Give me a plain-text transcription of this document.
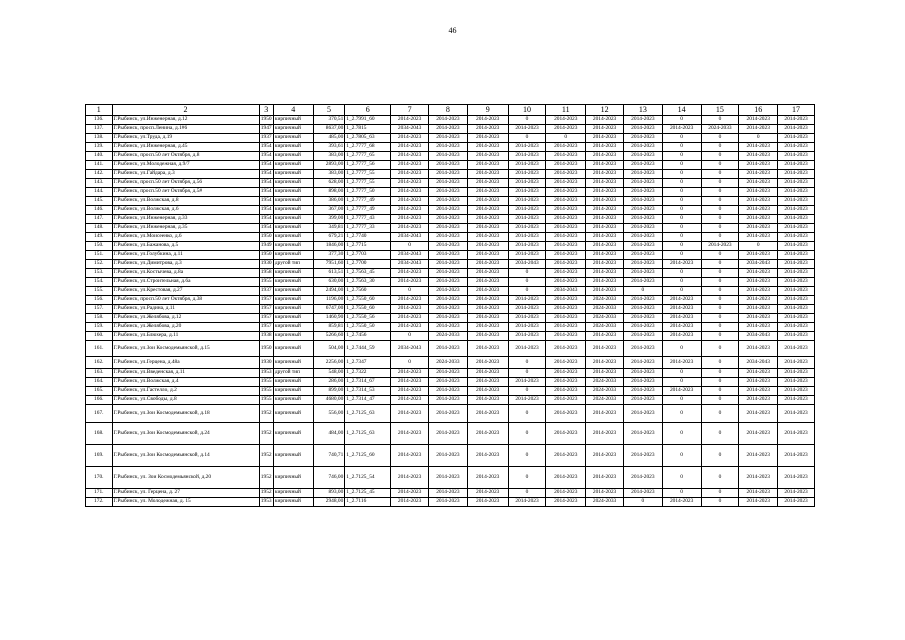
46
1	2	3	4	5	6	7	8	9	10	11	12	13	14	15	16	17
136.	Г.Рыбинск, ул.Инженерная, д.12	1950	кирпичный	370,51	1_2.7991_60	2014-2023	2014-2023	2014-2023	0	2014-2023	2014-2023	2014-2023	0	0	2014-2023	2014-2023
137.	Г.Рыбинск, просп.Ленина, д.1#6	1947	кирпичный	8637,00	1_2.7815	2034-2043	2014-2023	2014-2023	2014-2023	2014-2023	2014-2023	2014-2023	2014-2023	2024-2033	2014-2023	2014-2023
138.	Г.Рыбинск, ул.Труда, д.19	1937	кирпичный	485,00	1_2.7805_63	2014-2023	2014-2023	2014-2023	0	0	2014-2023	2014-2023	0	0	0	2014-2023
139.	Г.Рыбинск, ул.Инженерная, д.45	1954	кирпичный	393,61	1_2.7777_68	2014-2023	2014-2023	2014-2023	2014-2023	2014-2023	2014-2023	2014-2023	0	0	2014-2023	2014-2023
140.	Г.Рыбинск, просп.50 лет Октября, д.8	1954	кирпичный	383,00	1_2.7777_65	2014-2023	2014-2023	2014-2023	2014-2023	2014-2023	2014-2023	2014-2023	0	0	2014-2023	2014-2023
141.	Г.Рыбинск, ул.Молодежная, д.9/7	1954	кирпичный	2893,00	1_2.7777_56	2014-2023	2014-2023	2014-2023	2014-2023	2014-2023	2014-2023	2014-2023	0	0	2014-2023	2014-2023
142.	Г.Рыбинск, ул.Гайдара, д.3	1954	кирпичный	383,00	1_2.7777_55	2014-2023	2014-2023	2014-2023	2014-2023	2014-2023	2014-2023	2014-2023	0	0	2014-2023	2014-2023
143.	Г.Рыбинск, просп.50 лет Октября, д.56	1954	кирпичный	628,00	1_2.7777_55	2014-2023	2014-2023	2014-2023	2014-2023	2014-2023	2014-2023	2014-2023	0	0	2014-2023	2014-2023
144.	Г.Рыбинск, просп.50 лет Октября, д.5#	1954	кирпичный	898,00	1_2.7777_50	2014-2023	2014-2023	2014-2023	2014-2023	2014-2023	2014-2023	2014-2023	0	0	2014-2023	2014-2023
145.	Г.Рыбинск, ул.Волжская, д.8	1954	кирпичный	386,00	1_2.7777_49	2014-2023	2014-2023	2014-2023	2014-2023	2014-2023	2014-2023	2014-2023	0	0	2014-2023	2014-2023
146.	Г.Рыбинск, ул.Волжская, д.6	1954	кирпичный	367,00	1_2.7777_49	2014-2023	2014-2023	2014-2023	2014-2023	2014-2023	2014-2023	2014-2023	0	0	2014-2023	2014-2023
147.	Г.Рыбинск, ул.Инженерная, д.33	1954	кирпичный	399,00	1_2.7777_43	2014-2023	2014-2023	2014-2023	2014-2023	2014-2023	2014-2023	2014-2023	0	0	2014-2023	2014-2023
148.	Г.Рыбинск, ул.Инженерная, д.35	1954	кирпичный	349,81	1_2.7777_33	2014-2023	2014-2023	2014-2023	2014-2023	2014-2023	2014-2023	2014-2023	0	0	2014-2023	2014-2023
149.	Г.Рыбинск, ул.Моисеенко, д.6	1950	кирпичный	679,21	1_2.7740	2034-2043	2014-2023	2014-2023	2014-2023	2014-2023	2014-2023	2014-2023	0	0	2014-2023	2014-2023
150.	Г.Рыбинск, ул.Бажанова, д.5	1949	кирпичный	1846,00	1_2.7715	0	2014-2023	2014-2023	2014-2023	2014-2023	2014-2023	2014-2023	0	2014-2023	0	2014-2023
151.	Г.Рыбинск, ул.Голубкина, д.11	1950	кирпичный	377,30	1_2.7703	2034-2043	2014-2023	2014-2023	2014-2023	2014-2023	2014-2023	2014-2023	0	0	2014-2023	2014-2023
152.	Г.Рыбинск, ул.Димитрова, д.3	1930	другой тип	7951,60	1_2.7700	2034-2043	2014-2023	2014-2023	2034-2043	2014-2023	2014-2023	2014-2023	2014-2023	0	2034-2043	2014-2023
153.	Г.Рыбинск, ул.Костычева, д.8а	1958	кирпичный	613,51	1_2.7563_45	2014-2023	2014-2023	2014-2023	0	2014-2023	2014-2023	2014-2023	0	0	2014-2023	2014-2023
154.	Г.Рыбинск, ул.Строительная, д.6а	1955	кирпичный	630,00	1_2.7563_30	2014-2023	2014-2023	2014-2023	0	2014-2023	2014-2023	2014-2023	0	0	2014-2023	2014-2023
155.	Г.Рыбинск, ул.Крестовая, д.27	1937	кирпичный	2494,00	1_2.7560	0	2014-2023	2014-2023	0	2034-2043	2014-2023	0	0	0	2014-2023	2014-2023
156.	Г.Рыбинск, просп.50 лет Октября, д.38	1957	кирпичный	1196,00	1_2.7550_60	2014-2023	2014-2023	2014-2023	2014-2023	2014-2023	2024-2033	2014-2023	2014-2023	0	2014-2023	2014-2023
157.	Г.Рыбинск, ул.Радина, д.11	1957	кирпичный	6747,00	1_2.7550_60	2014-2023	2014-2023	2014-2023	2014-2023	2014-2023	2024-2033	2014-2023	2014-2023	0	2014-2023	2014-2023
158.	Г.Рыбинск, ул.Желябова, д.12	1957	кирпичный	1460,90	1_2.7550_56	2014-2023	2014-2023	2014-2023	2014-2023	2014-2023	2024-2033	2014-2023	2014-2023	0	2014-2023	2014-2023
159.	Г.Рыбинск, ул.Желябова, д.20	1957	кирпичный	859,81	1_2.7550_50	2014-2023	2014-2023	2014-2023	2014-2023	2014-2023	2024-2033	2014-2023	2014-2023	0	2014-2023	2014-2023
160.	Г.Рыбинск, ул.Блюхера, д.11	1938	кирпичный	5266,60	1_2.7456	0	2024-2033	2014-2023	2014-2023	2014-2023	2014-2023	2014-2023	2014-2023	0	2034-2043	2014-2023
161.	Г.Рыбинск, ул.Зои Космодемьянской, д.15	1950	кирпичный	504,00	1_2.7444_59	2034-2043	2014-2023	2014-2023	2014-2023	2014-2023	2014-2023	2014-2023	0	0	2014-2023	2014-2023
162.	Г.Рыбинск, ул.Герцена, д.48а	1930	кирпичный	2256,00	1_2.7347	0	2024-2033	2014-2023	0	2014-2023	2014-2023	2014-2023	2014-2023	0	2034-2043	2014-2023
163.	Г.Рыбинск, ул.Введенская, д.11	1953	другой тип	548,00	1_2.7322	2014-2023	2014-2023	2014-2023	0	2014-2023	2014-2023	2014-2023	0	0	2014-2023	2014-2023
164.	Г.Рыбинск, ул.Волжская, д.4	1955	кирпичный	286,00	1_2.7314_67	2014-2023	2014-2023	2014-2023	2014-2023	2014-2023	2024-2033	2014-2023	0	0	2014-2023	2014-2023
165.	Г.Рыбинск, ул.Гастелло, д.2	1955	кирпичный	899,00	1_2.7314_53	2014-2023	2014-2023	2014-2023	0	2014-2023	2024-2033	2014-2023	2014-2023	0	2014-2023	2014-2023
166.	Г.Рыбинск, ул.Свободы, д.8	1955	кирпичный	4680,00	1_2.7314_47	2014-2023	2014-2023	2014-2023	2014-2023	2014-2023	2024-2033	2014-2023	0	0	2014-2023	2014-2023
167.	Г.Рыбинск, ул.Зои Космодемьянской, д.18	1952	кирпичный	556,00	1_2.7125_63	2014-2023	2014-2023	2014-2023	0	2014-2023	2014-2023	2014-2023	0	0	2014-2023	2014-2023
168.	Г.Рыбинск, ул.Зои Космодемьянской, д.24	1952	кирпичный	484,00	1_2.7125_63	2014-2023	2014-2023	2014-2023	0	2014-2023	2014-2023	2014-2023	0	0	2014-2023	2014-2023
169.	Г.Рыбинск, ул.Зои Космодемьянской, д.14	1952	кирпичный	740,71	1_2.7125_60	2014-2023	2014-2023	2014-2023	0	2014-2023	2014-2023	2014-2023	0	0	2014-2023	2014-2023
170.	Г.Рыбинск, ул. Зои Космодемьянской, д.20	1952	кирпичный	746,00	1_2.7125_54	2014-2023	2014-2023	2014-2023	0	2014-2023	2014-2023	2014-2023	0	0	2014-2023	2014-2023
171.	Г.Рыбинск, ул. Герцена, д. 27	1952	кирпичный	893,00	1_2.7125_45	2014-2023	2014-2023	2014-2023	0	2014-2023	2014-2023	2014-2023	0	0	2014-2023	2014-2023
172.	Г.Рыбинск, ул. Молодежная, д. 15	1953	кирпичный	2948,00	1_2.7116	2014-2023	2014-2023	2014-2023	2014-2023	2014-2023	2024-2033	0	2014-2023	0	2014-2023	2014-2023
